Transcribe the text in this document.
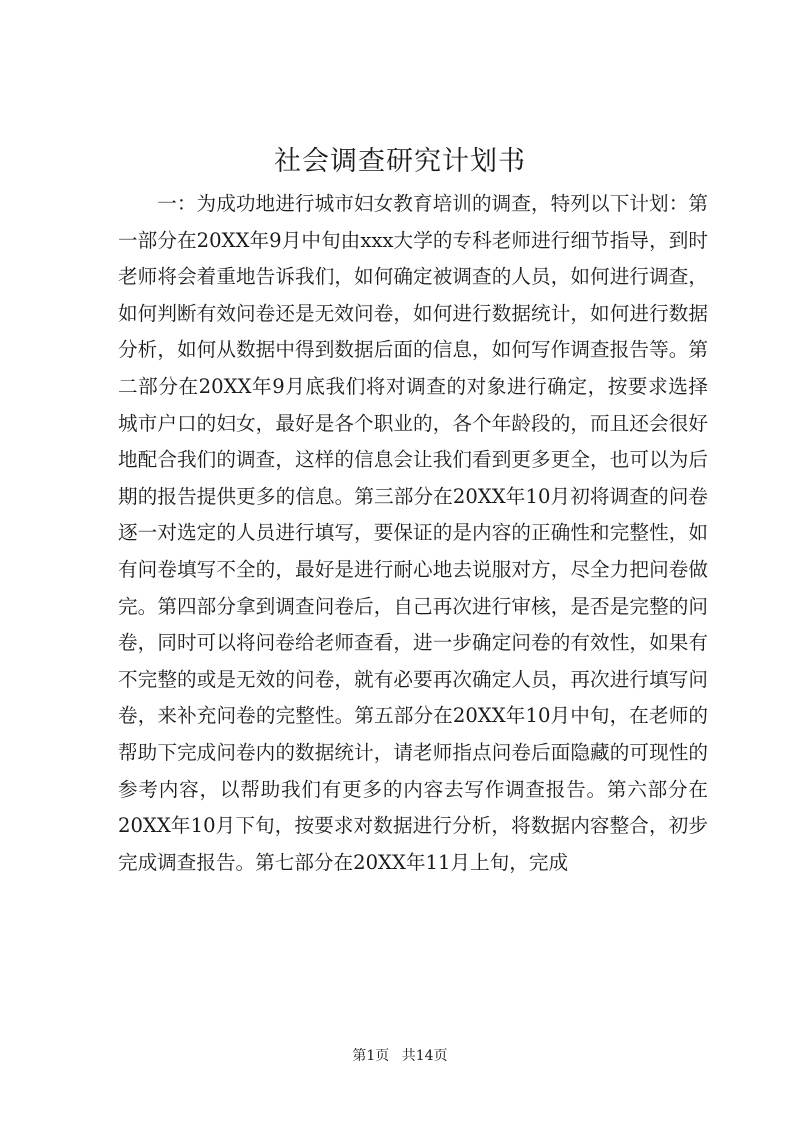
社会调查研究计划书

一：为成功地进行城市妇女教育培训的调查，特列以下计划：第一部分在20XX年9月中旬由xxx大学的专科老师进行细节指导，到时老师将会着重地告诉我们，如何确定被调查的人员，如何进行调查，如何判断有效问卷还是无效问卷，如何进行数据统计，如何进行数据分析，如何从数据中得到数据后面的信息，如何写作调查报告等。第二部分在20XX年9月底我们将对调查的对象进行确定，按要求选择城市户口的妇女，最好是各个职业的，各个年龄段的，而且还会很好地配合我们的调查，这样的信息会让我们看到更多更全，也可以为后期的报告提供更多的信息。第三部分在20XX年10月初将调查的问卷逐一对选定的人员进行填写，要保证的是内容的正确性和完整性，如有问卷填写不全的，最好是进行耐心地去说服对方，尽全力把问卷做完。第四部分拿到调查问卷后，自己再次进行审核，是否是完整的问卷，同时可以将问卷给老师查看，进一步确定问卷的有效性，如果有不完整的或是无效的问卷，就有必要再次确定人员，再次进行填写问卷，来补充问卷的完整性。第五部分在20XX年10月中旬，在老师的帮助下完成问卷内的数据统计，请老师指点问卷后面隐藏的可现性的参考内容，以帮助我们有更多的内容去写作调查报告。第六部分在20XX年10月下旬，按要求对数据进行分析，将数据内容整合，初步完成调查报告。第七部分在20XX年11月上旬，完成

第1页 共14页
